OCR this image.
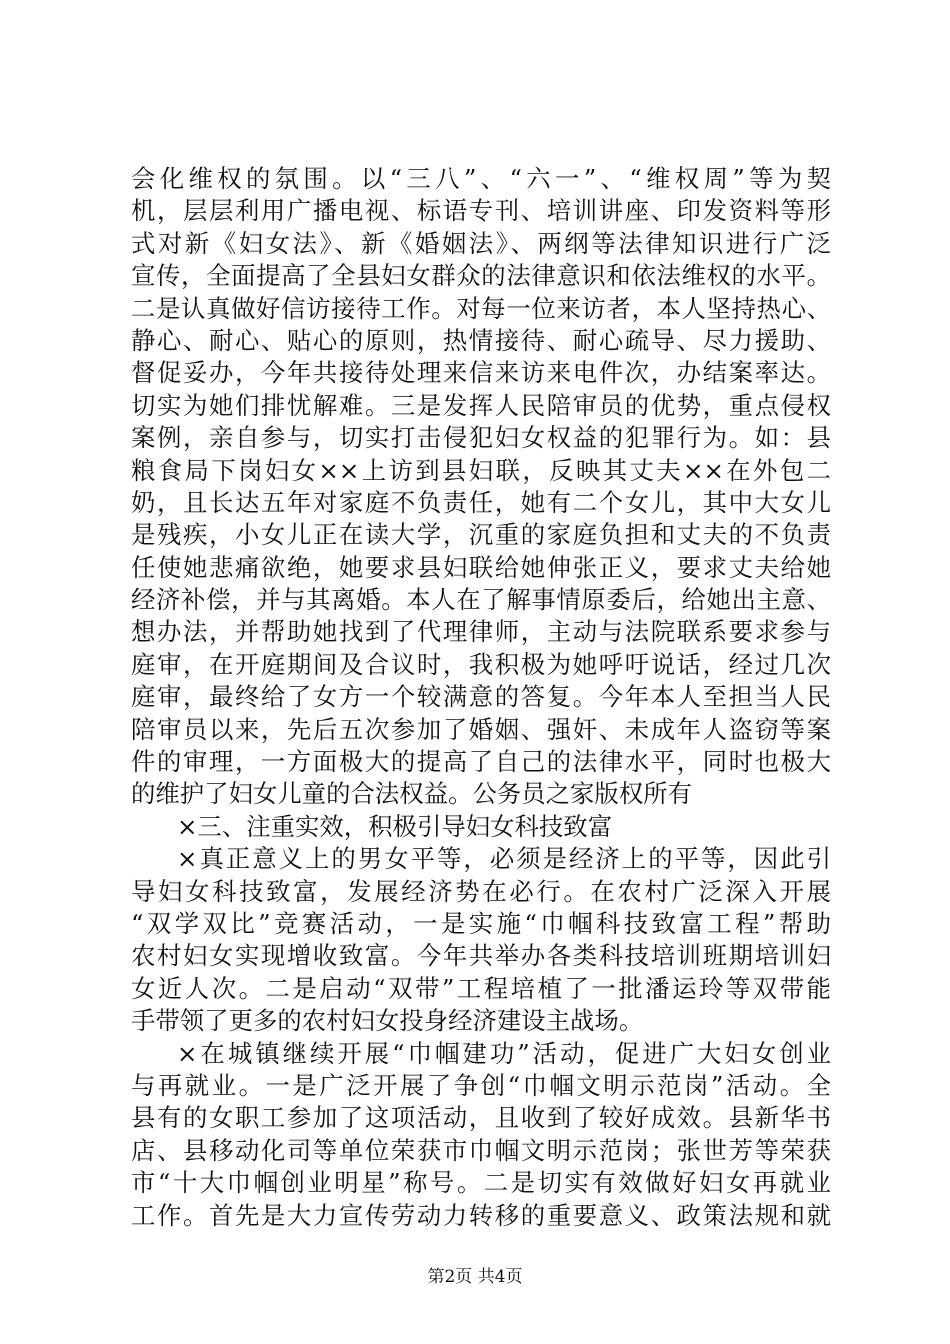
会化维权的氛围。以“三八”、“六一”、“维权周”等为契
机，层层利用广播电视、标语专刊、培训讲座、印发资料等形
式对新《妇女法》、新《婚姻法》、两纲等法律知识进行广泛
宣传，全面提高了全县妇女群众的法律意识和依法维权的水平。
二是认真做好信访接待工作。对每一位来访者，本人坚持热心、
静心、耐心、贴心的原则，热情接待、耐心疏导、尽力援助、
督促妥办，今年共接待处理来信来访来电件次，办结案率达。
切实为她们排忧解难。三是发挥人民陪审员的优势，重点侵权
案例，亲自参与，切实打击侵犯妇女权益的犯罪行为。如：县
粮食局下岗妇女××上访到县妇联，反映其丈夫××在外包二
奶，且长达五年对家庭不负责任，她有二个女儿，其中大女儿
是残疾，小女儿正在读大学，沉重的家庭负担和丈夫的不负责
任使她悲痛欲绝，她要求县妇联给她伸张正义，要求丈夫给她
经济补偿，并与其离婚。本人在了解事情原委后，给她出主意、
想办法，并帮助她找到了代理律师，主动与法院联系要求参与
庭审，在开庭期间及合议时，我积极为她呼吁说话，经过几次
庭审，最终给了女方一个较满意的答复。今年本人至担当人民
陪审员以来，先后五次参加了婚姻、强奸、未成年人盗窃等案
件的审理，一方面极大的提高了自己的法律水平，同时也极大
的维护了妇女儿童的合法权益。公务员之家版权所有
×三、注重实效，积极引导妇女科技致富
×真正意义上的男女平等，必须是经济上的平等，因此引
导妇女科技致富，发展经济势在必行。在农村广泛深入开展
“双学双比”竞赛活动，一是实施“巾帼科技致富工程”帮助
农村妇女实现增收致富。今年共举办各类科技培训班期培训妇
女近人次。二是启动“双带”工程培植了一批潘运玲等双带能
手带领了更多的农村妇女投身经济建设主战场。
×在城镇继续开展“巾帼建功”活动，促进广大妇女创业
与再就业。一是广泛开展了争创“巾帼文明示范岗”活动。全
县有的女职工参加了这项活动，且收到了较好成效。县新华书
店、县移动化司等单位荣获市巾帼文明示范岗；张世芳等荣获
市“十大巾帼创业明星”称号。二是切实有效做好妇女再就业
工作。首先是大力宣传劳动力转移的重要意义、政策法规和就
第2页 共4页
